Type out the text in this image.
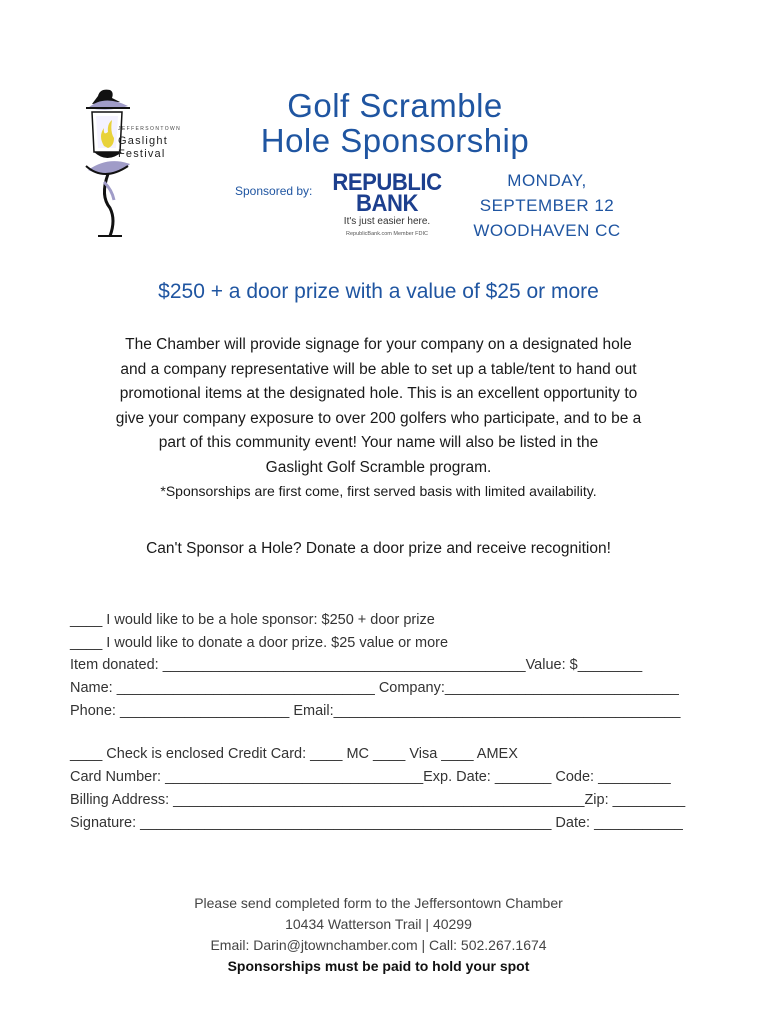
JEFFERSONTOWN
Gaslight
Festival
Golf Scramble
Hole Sponsorship
Sponsored by: REPUBLIC
BANK
It's just easier here.
RepublicBank.com Member FDIC
MONDAY,
SEPTEMBER 12
WOODHAVEN CC
$250 + a door prize with a value of $25 or more
The Chamber will provide signage for your company on a designated hole
and a company representative will be able to set up a table/tent to hand out
promotional items at the designated hole. This is an excellent opportunity to
give your company exposure to over 200 golfers who participate, and to be a
part of this community event! Your name will also be listed in the
Gaslight Golf Scramble program.
*Sponsorships are first come, first served basis with limited availability.
Can't Sponsor a Hole? Donate a door prize and receive recognition!
____ I would like to be a hole sponsor: $250 + door prize
____ I would like to donate a door prize. $25 value or more
Item donated: _____________________________________________Value: $________
Name: ________________________________ Company:_____________________________
Phone: _____________________ Email:___________________________________________
____ Check is enclosed Credit Card: ____ MC ____ Visa ____ AMEX
Card Number: ________________________________Exp. Date: _______ Code: _________
Billing Address: ___________________________________________________Zip: _________
Signature: ___________________________________________________ Date: ___________
Please send completed form to the Jeffersontown Chamber
10434 Watterson Trail | 40299
Email: Darin@jtownchamber.com | Call: 502.267.1674
Sponsorships must be paid to hold your spot
